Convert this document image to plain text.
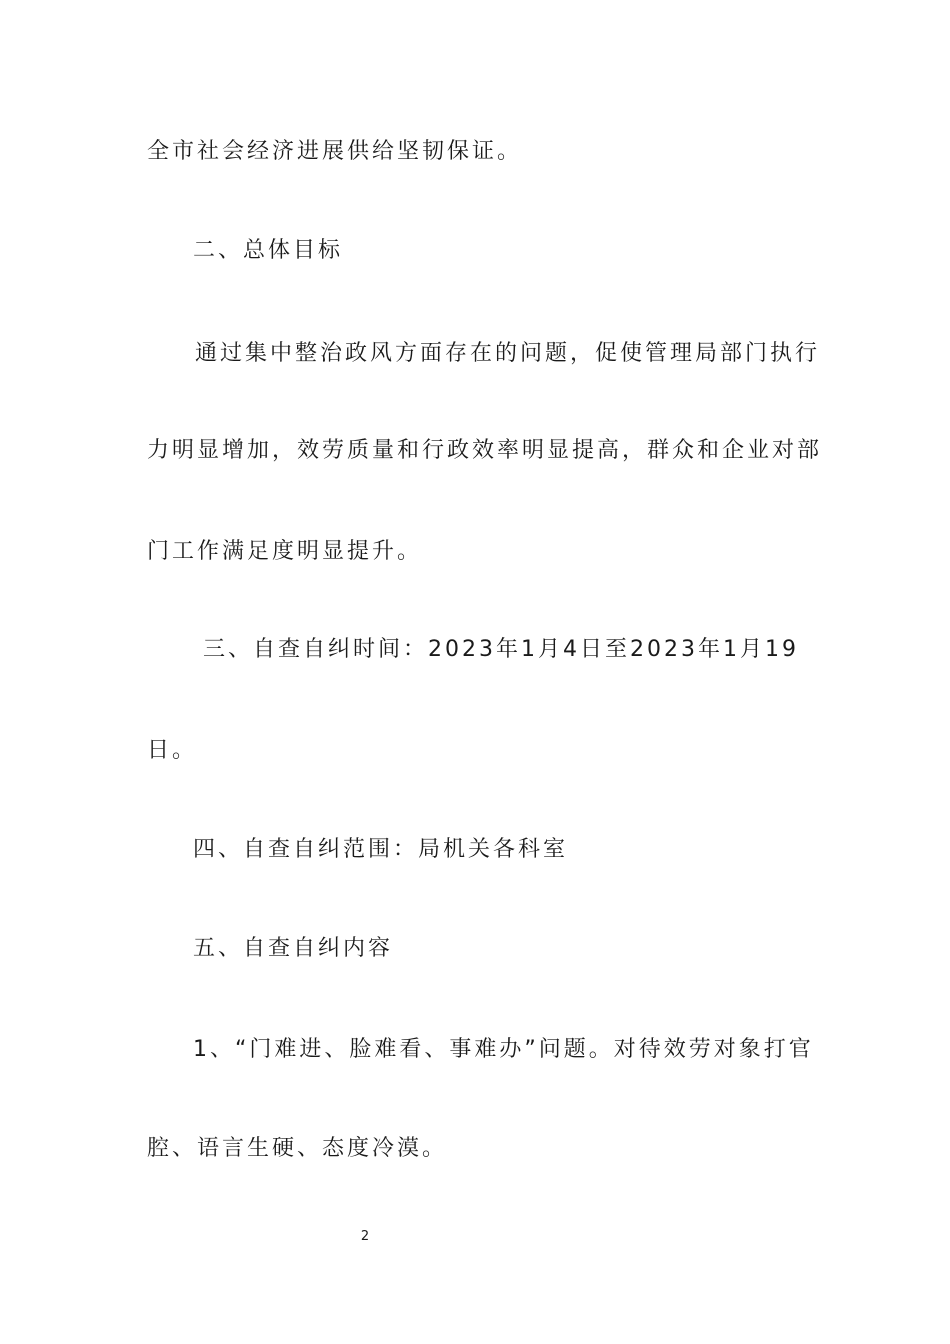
全市社会经济进展供给坚韧保证。
二、总体目标
通过集中整治政风方面存在的问题，促使管理局部门执行
力明显增加，效劳质量和行政效率明显提高，群众和企业对部
门工作满足度明显提升。
三、自查自纠时间：2023年1月4日至2023年1月19
日。
四、自查自纠范围：局机关各科室
五、自查自纠内容
1、“门难进、脸难看、事难办”问题。对待效劳对象打官
腔、语言生硬、态度冷漠。
2
